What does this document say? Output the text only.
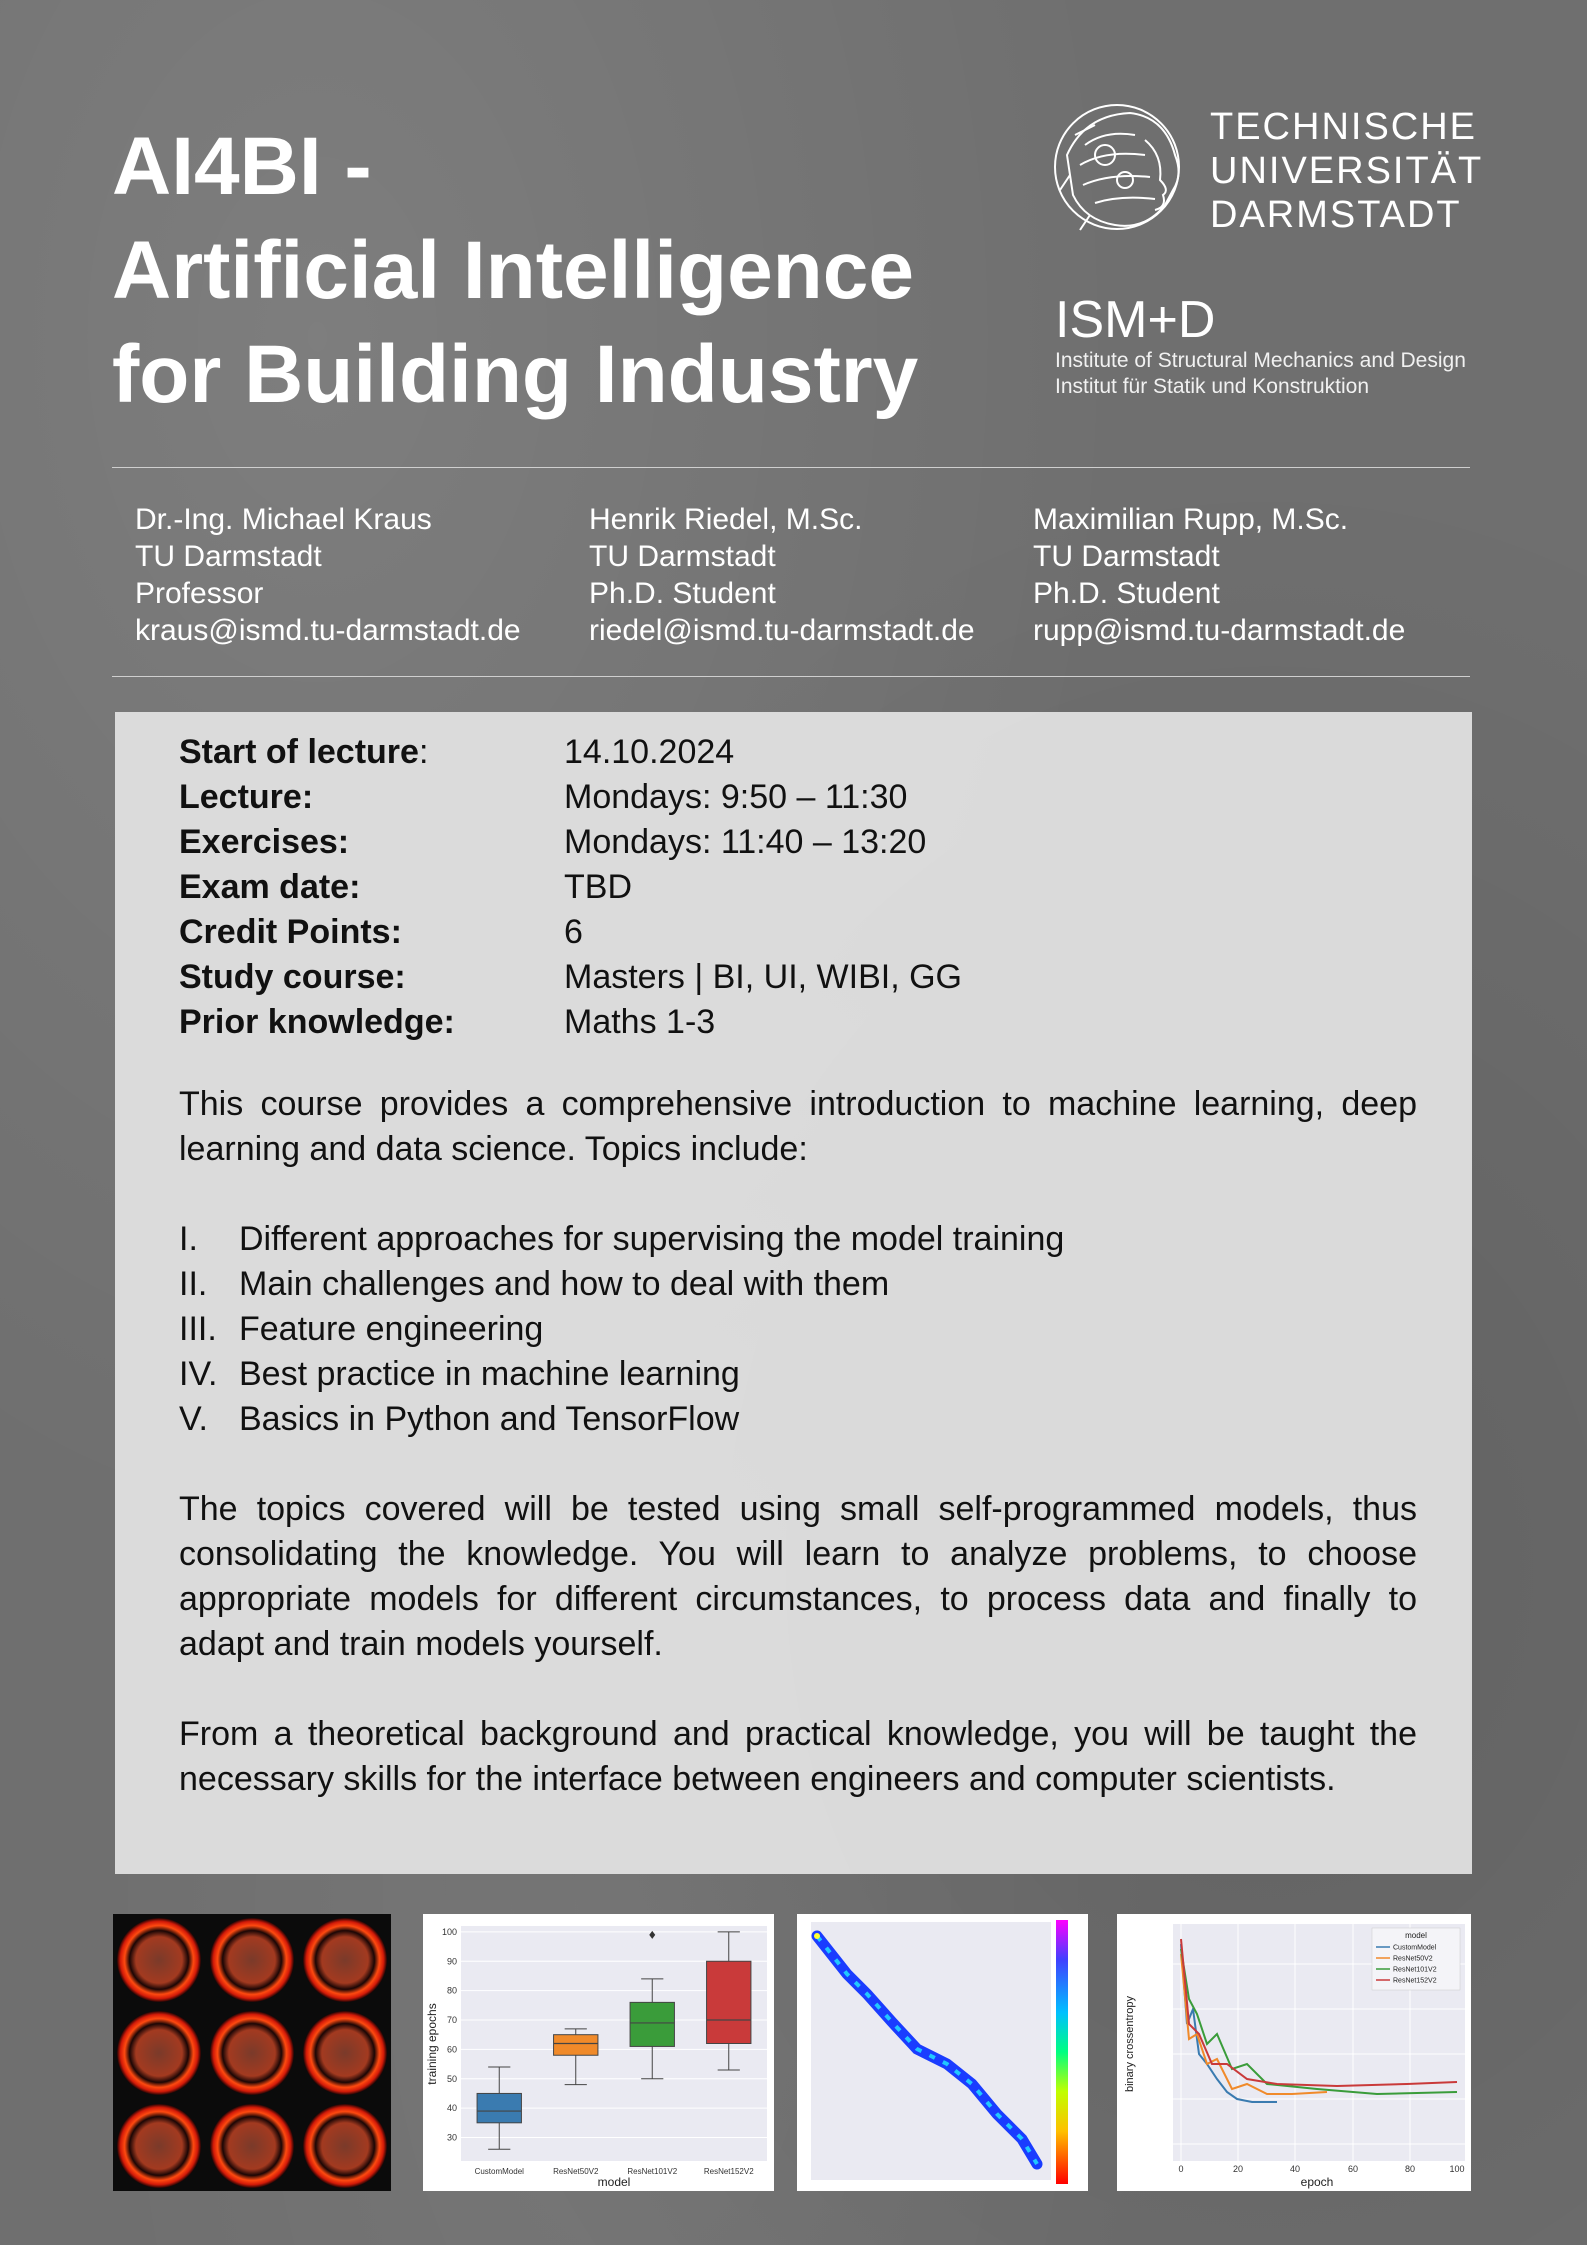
AI4BI -
Artificial Intelligence
for Building Industry
TECHNISCHE
UNIVERSITÄT
DARMSTADT
ISM+D
Institute of Structural Mechanics and Design
Institut für Statik und Konstruktion
Dr.-Ing. Michael Kraus
TU Darmstadt
Professor
kraus@ismd.tu-darmstadt.de
Henrik Riedel, M.Sc.
TU Darmstadt
Ph.D. Student
riedel@ismd.tu-darmstadt.de
Maximilian Rupp, M.Sc.
TU Darmstadt
Ph.D. Student
rupp@ismd.tu-darmstadt.de
Start of lecture:	14.10.2024
Lecture:	Mondays: 9:50 – 11:30
Exercises:	Mondays: 11:40 – 13:20
Exam date:	TBD
Credit Points:	6
Study course:	Masters | BI, UI, WIBI, GG
Prior knowledge:	Maths 1-3

This course provides a comprehensive introduction to machine learning, deep learning and data science. Topics include:

I.	Different approaches for supervising the model training
II. Main challenges and how to deal with them
III. Feature engineering
IV. Best practice in machine learning
V. Basics in Python and TensorFlow

The topics covered will be tested using small self-programmed models, thus consolidating the knowledge. You will learn to analyze problems, to choose appropriate models for different circumstances, to process data and finally to adapt and train models yourself.

From a theoretical background and practical knowledge, you will be taught the necessary skills for the interface between engineers and computer scientists.

100
90
80
70
60
50
40
30
CustomModel	ResNet50V2	ResNet101V2	ResNet152V2
training epochs
model
0	20	40	60	80	100
binary crossentropy
epoch
model
CustomModel
ResNet50V2
ResNet101V2
ResNet152V2
